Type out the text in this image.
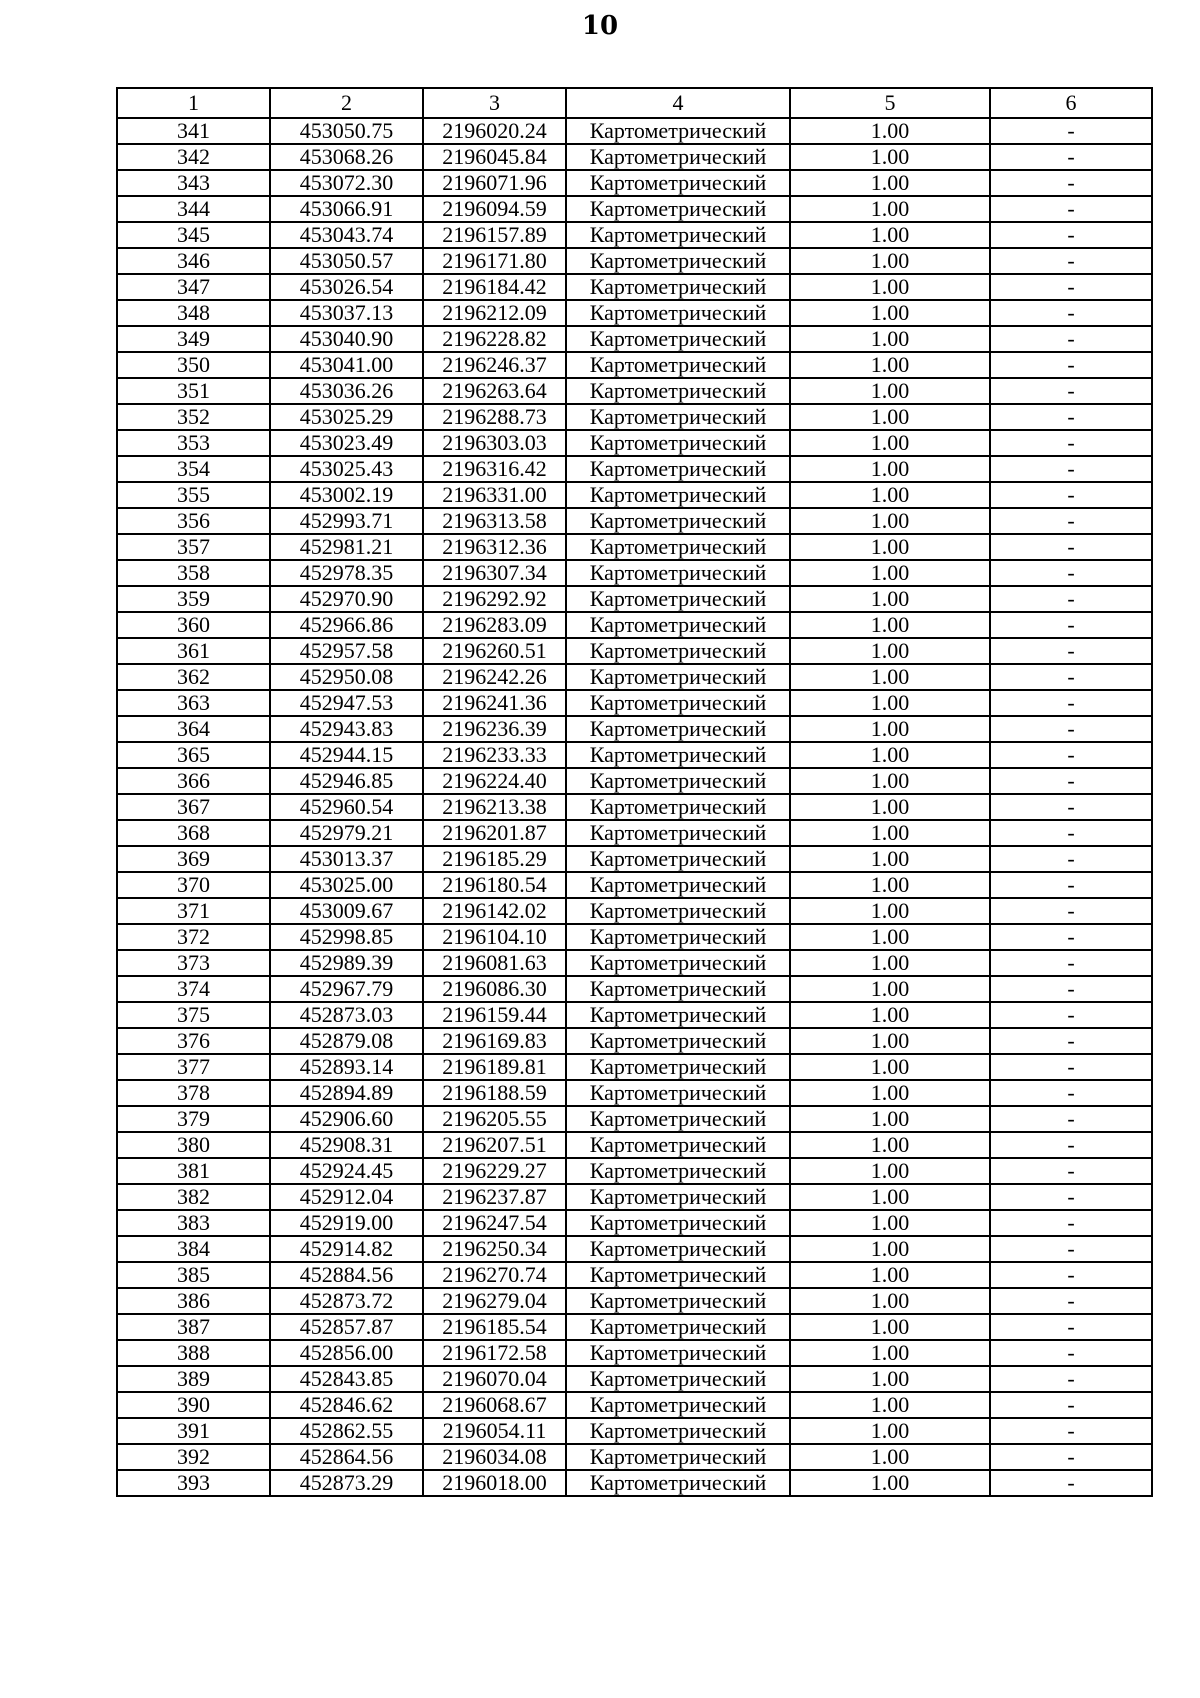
10
1	2	3	4	5	6
341	453050.75	2196020.24	Картометрический	1.00	-
342	453068.26	2196045.84	Картометрический	1.00	-
343	453072.30	2196071.96	Картометрический	1.00	-
344	453066.91	2196094.59	Картометрический	1.00	-
345	453043.74	2196157.89	Картометрический	1.00	-
346	453050.57	2196171.80	Картометрический	1.00	-
347	453026.54	2196184.42	Картометрический	1.00	-
348	453037.13	2196212.09	Картометрический	1.00	-
349	453040.90	2196228.82	Картометрический	1.00	-
350	453041.00	2196246.37	Картометрический	1.00	-
351	453036.26	2196263.64	Картометрический	1.00	-
352	453025.29	2196288.73	Картометрический	1.00	-
353	453023.49	2196303.03	Картометрический	1.00	-
354	453025.43	2196316.42	Картометрический	1.00	-
355	453002.19	2196331.00	Картометрический	1.00	-
356	452993.71	2196313.58	Картометрический	1.00	-
357	452981.21	2196312.36	Картометрический	1.00	-
358	452978.35	2196307.34	Картометрический	1.00	-
359	452970.90	2196292.92	Картометрический	1.00	-
360	452966.86	2196283.09	Картометрический	1.00	-
361	452957.58	2196260.51	Картометрический	1.00	-
362	452950.08	2196242.26	Картометрический	1.00	-
363	452947.53	2196241.36	Картометрический	1.00	-
364	452943.83	2196236.39	Картометрический	1.00	-
365	452944.15	2196233.33	Картометрический	1.00	-
366	452946.85	2196224.40	Картометрический	1.00	-
367	452960.54	2196213.38	Картометрический	1.00	-
368	452979.21	2196201.87	Картометрический	1.00	-
369	453013.37	2196185.29	Картометрический	1.00	-
370	453025.00	2196180.54	Картометрический	1.00	-
371	453009.67	2196142.02	Картометрический	1.00	-
372	452998.85	2196104.10	Картометрический	1.00	-
373	452989.39	2196081.63	Картометрический	1.00	-
374	452967.79	2196086.30	Картометрический	1.00	-
375	452873.03	2196159.44	Картометрический	1.00	-
376	452879.08	2196169.83	Картометрический	1.00	-
377	452893.14	2196189.81	Картометрический	1.00	-
378	452894.89	2196188.59	Картометрический	1.00	-
379	452906.60	2196205.55	Картометрический	1.00	-
380	452908.31	2196207.51	Картометрический	1.00	-
381	452924.45	2196229.27	Картометрический	1.00	-
382	452912.04	2196237.87	Картометрический	1.00	-
383	452919.00	2196247.54	Картометрический	1.00	-
384	452914.82	2196250.34	Картометрический	1.00	-
385	452884.56	2196270.74	Картометрический	1.00	-
386	452873.72	2196279.04	Картометрический	1.00	-
387	452857.87	2196185.54	Картометрический	1.00	-
388	452856.00	2196172.58	Картометрический	1.00	-
389	452843.85	2196070.04	Картометрический	1.00	-
390	452846.62	2196068.67	Картометрический	1.00	-
391	452862.55	2196054.11	Картометрический	1.00	-
392	452864.56	2196034.08	Картометрический	1.00	-
393	452873.29	2196018.00	Картометрический	1.00	-
